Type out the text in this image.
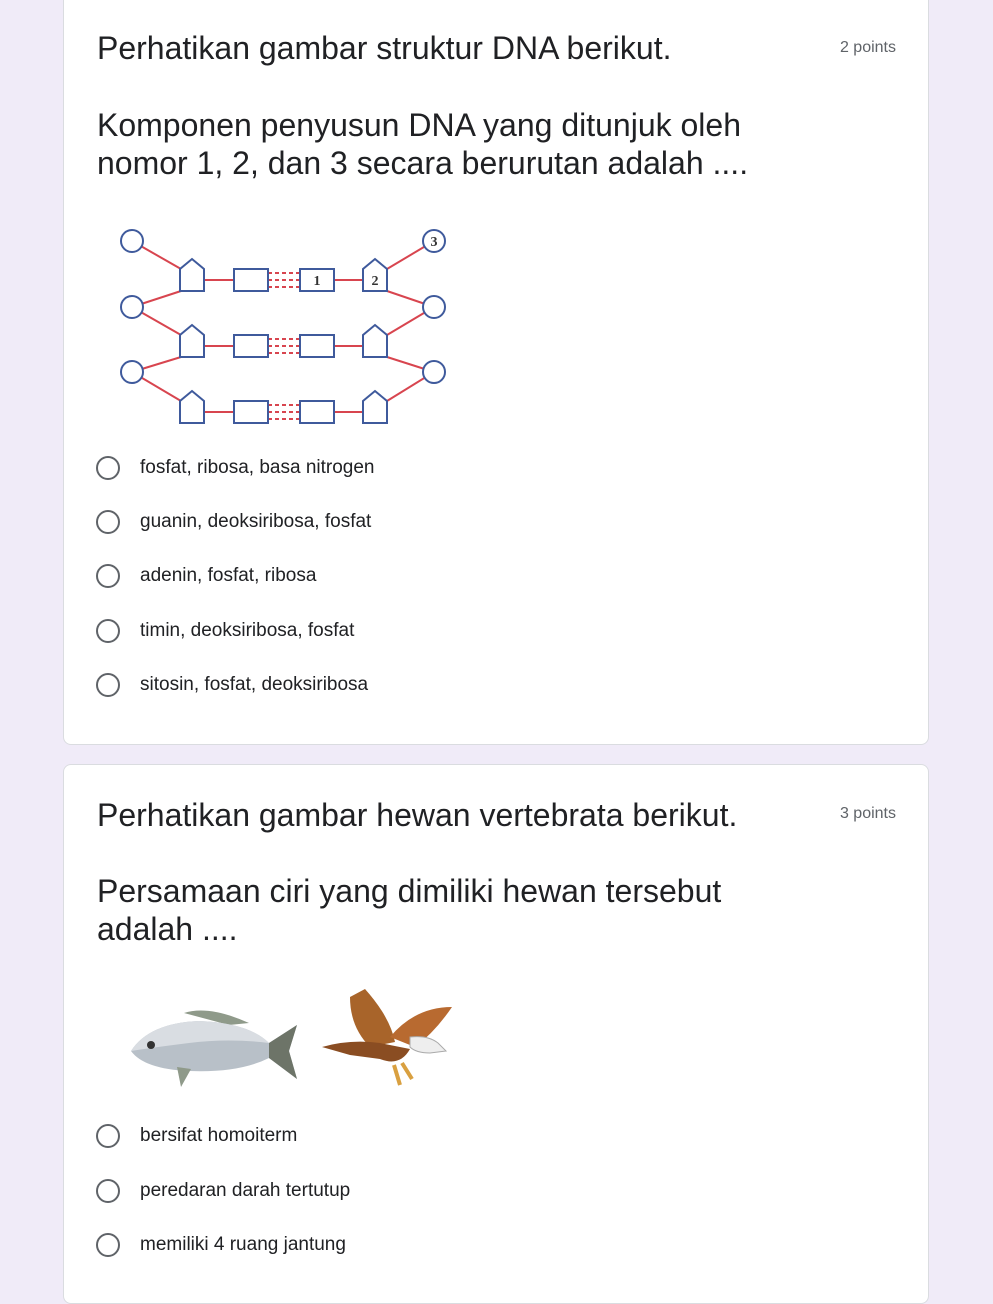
Perhatikan gambar struktur DNA berikut.	2 points
Komponen penyusun DNA yang ditunjuk oleh nomor 1, 2, dan 3 secara berurutan adalah ....
1	2
3
fosfat, ribosa, basa nitrogen
guanin, deoksiribosa, fosfat
adenin, fosfat, ribosa
timin, deoksiribosa, fosfat
sitosin, fosfat, deoksiribosa
Perhatikan gambar hewan vertebrata berikut.	3 points
Persamaan ciri yang dimiliki hewan tersebut adalah ....
bersifat homoiterm
peredaran darah tertutup
memiliki 4 ruang jantung
